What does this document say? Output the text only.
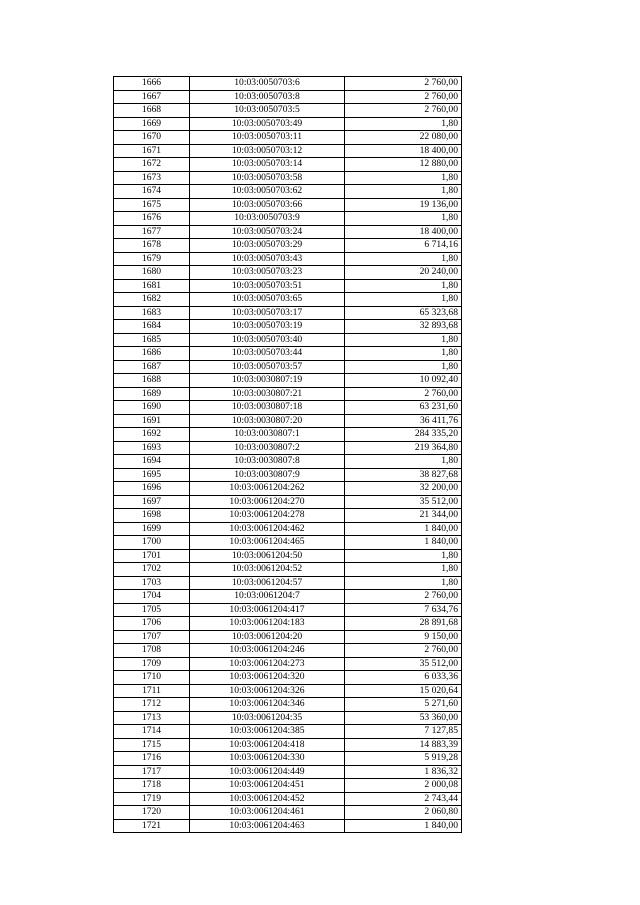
1666	10:03:0050703:6	2 760,00
1667	10:03:0050703:8	2 760,00
1668	10:03:0050703:5	2 760,00
1669	10:03:0050703:49	1,80
1670	10:03:0050703:11	22 080,00
1671	10:03:0050703:12	18 400,00
1672	10:03:0050703:14	12 880,00
1673	10:03:0050703:58	1,80
1674	10:03:0050703:62	1,80
1675	10:03:0050703:66	19 136,00
1676	10:03:0050703:9	1,80
1677	10:03:0050703:24	18 400,00
1678	10:03:0050703:29	6 714,16
1679	10:03:0050703:43	1,80
1680	10:03:0050703:23	20 240,00
1681	10:03:0050703:51	1,80
1682	10:03:0050703:65	1,80
1683	10:03:0050703:17	65 323,68
1684	10:03:0050703:19	32 893,68
1685	10:03:0050703:40	1,80
1686	10:03:0050703:44	1,80
1687	10:03:0050703:57	1,80
1688	10:03:0030807:19	10 092,40
1689	10:03:0030807:21	2 760,00
1690	10:03:0030807:18	63 231,60
1691	10:03:0030807:20	36 411,76
1692	10:03:0030807:1	284 335,20
1693	10:03:0030807:2	219 364,80
1694	10:03:0030807:8	1,80
1695	10:03:0030807:9	38 827,68
1696	10:03:0061204:262	32 200,00
1697	10:03:0061204:270	35 512,00
1698	10:03:0061204:278	21 344,00
1699	10:03:0061204:462	1 840,00
1700	10:03:0061204:465	1 840,00
1701	10:03:0061204:50	1,80
1702	10:03:0061204:52	1,80
1703	10:03:0061204:57	1,80
1704	10:03:0061204:7	2 760,00
1705	10:03:0061204:417	7 634,76
1706	10:03:0061204:183	28 891,68
1707	10:03:0061204:20	9 150,00
1708	10:03:0061204:246	2 760,00
1709	10:03:0061204:273	35 512,00
1710	10:03:0061204:320	6 033,36
1711	10:03:0061204:326	15 020,64
1712	10:03:0061204:346	5 271,60
1713	10:03:0061204:35	53 360,00
1714	10:03:0061204:385	7 127,85
1715	10:03:0061204:418	14 883,39
1716	10:03:0061204:330	5 919,28
1717	10:03:0061204:449	1 836,32
1718	10:03:0061204:451	2 000,08
1719	10:03:0061204:452	2 743,44
1720	10:03:0061204:461	2 060,80
1721	10:03:0061204:463	1 840,00
